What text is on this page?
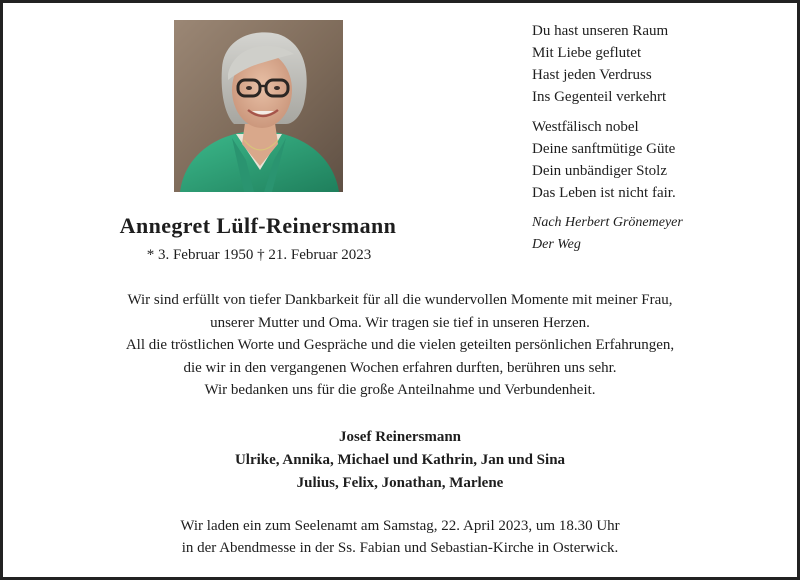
Annegret Lülf-Reinersmann
* 3. Februar 1950 † 21. Februar 2023
Du hast unseren Raum
Mit Liebe geflutet
Hast jeden Verdruss
Ins Gegenteil verkehrt
Westfälisch nobel
Deine sanftmütige Güte
Dein unbändiger Stolz
Das Leben ist nicht fair.
Nach Herbert Grönemeyer
Der Weg
Wir sind erfüllt von tiefer Dankbarkeit für all die wundervollen Momente mit meiner Frau,
unserer Mutter und Oma. Wir tragen sie tief in unseren Herzen.
All die tröstlichen Worte und Gespräche und die vielen geteilten persönlichen Erfahrungen,
die wir in den vergangenen Wochen erfahren durften, berühren uns sehr.
Wir bedanken uns für die große Anteilnahme und Verbundenheit.
Josef Reinersmann
Ulrike, Annika, Michael und Kathrin, Jan und Sina
Julius, Felix, Jonathan, Marlene
Wir laden ein zum Seelenamt am Samstag, 22. April 2023, um 18.30 Uhr
in der Abendmesse in der Ss. Fabian und Sebastian-Kirche in Osterwick.
